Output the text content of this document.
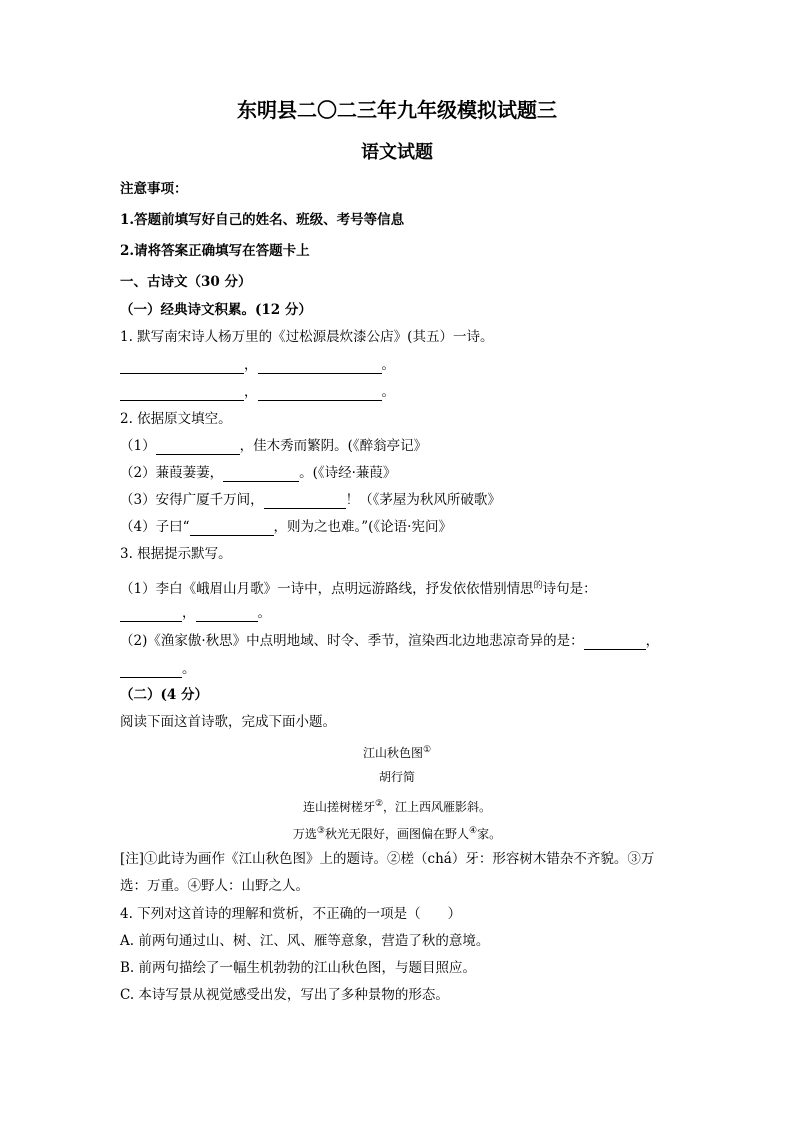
东明县二〇二三年九年级模拟试题三
语文试题
注意事项：
1.答题前填写好自己的姓名、班级、考号等信息
2.请将答案正确填写在答题卡上
一、古诗文（30 分）
（一）经典诗文积累。(12 分）
1. 默写南宋诗人杨万里的《过松源晨炊漆公店》(其五）一诗。
，	。
，	。
2. 依据原文填空。
（1）	，佳木秀而繁阴。(《醉翁亭记》
（2）蒹葭萋萋，	。(《诗经·蒹葭》
（3）安得广厦千万间，	！（《茅屋为秋风所破歌》
（4）子曰“	，则为之也难。”(《论语·宪问》
3. 根据提示默写。
（1）李白《峨眉山月歌》一诗中，点明远游路线，抒发依依惜别情思$^的$诗句是：
，	。
（2)《渔家傲·秋思》中点明地域、时令、季节，渲染西北边地悲凉奇异的是：	，
。
（二）(4 分）
阅读下面这首诗歌，完成下面小题。
江山秋色图①
胡行简
连山搓树槎牙②，江上西风雁影斜。
万选③秋光无限好，画图偏在野人④家。
[注]①此诗为画作《江山秋色图》上的题诗。②槎（chá）牙：形容树木错杂不齐貌。③万
选：万重。④野人：山野之人。
4. 下列对这首诗的理解和赏析，不正确的一项是（　　）
A. 前两句通过山、树、江、风、雁等意象，营造了秋的意境。
B. 前两句描绘了一幅生机勃勃的江山秋色图，与题目照应。
C. 本诗写景从视觉感受出发，写出了多种景物的形态。
